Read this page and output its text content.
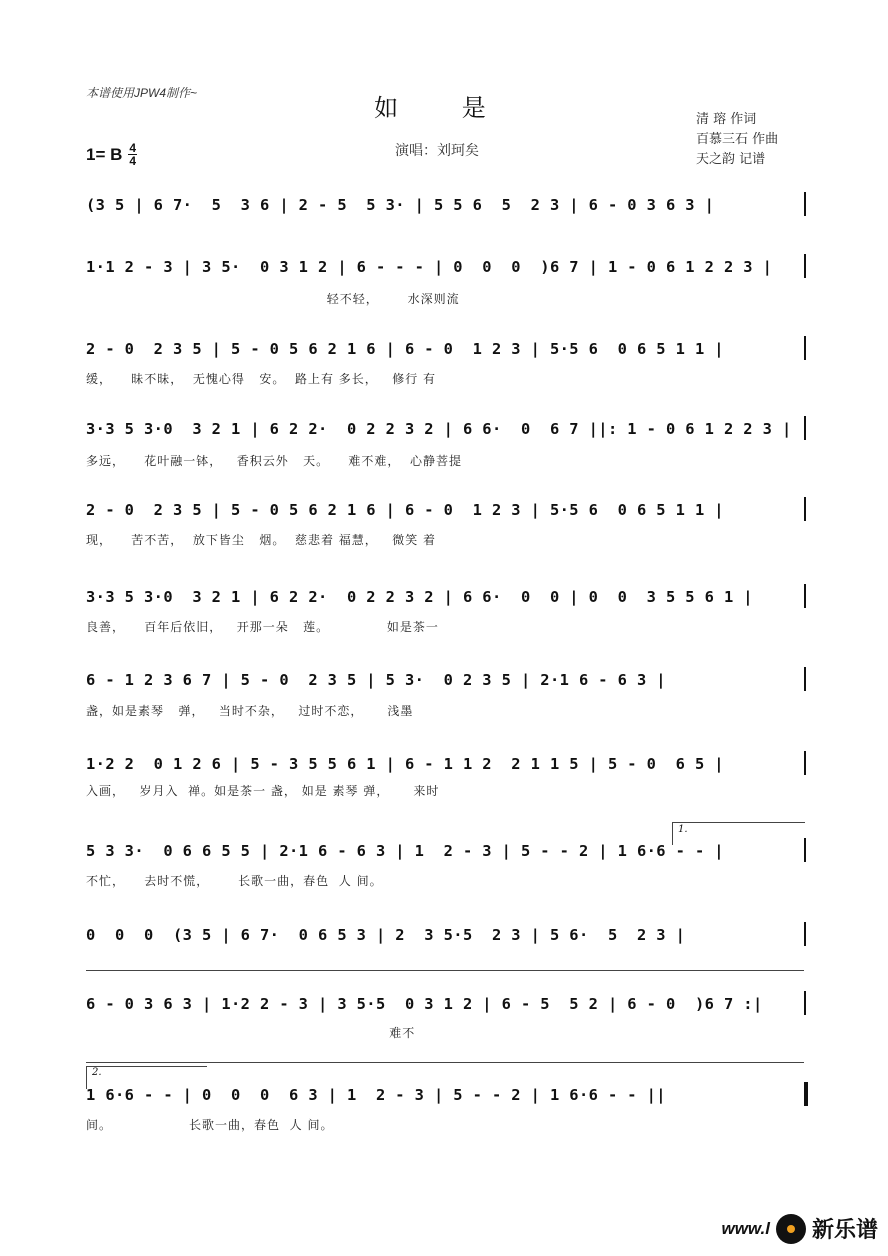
本谱使用JPW4制作~
如 是
1= B $\frac{4}{4}$	演唱：刘珂矣
清 瑢 作词
百慕三石 作曲
天之韵 记谱
(3 5 | 6 7·  5  3 6 | 2 - 5  5 3· | 5 5 6  5  2 3 | 6 - 0 3 6 3 |
1·1 2 - 3 | 3 5·  0 3 1 2 | 6 - - - | 0  0  0  )6 7 | 1 - 0 6 1 2 2 3 |
轻不轻，      水深则流
2 - 0  2 3 5 | 5 - 0 5 6 2 1 6 | 6 - 0  1 2 3 | 5·5 6  0 6 5 1 1 |
缓，    昧不昧，  无愧心得   安。  路上有 多长，   修行 有
3·3 5 3·0  3 2 1 | 6 2 2·  0 2 2 3 2 | 6 6·  0  6 7 ||: 1 - 0 6 1 2 2 3 |
多远，    花叶融一钵，   香积云外   天。    难不难，  心静菩提
2 - 0  2 3 5 | 5 - 0 5 6 2 1 6 | 6 - 0  1 2 3 | 5·5 6  0 6 5 1 1 |
现，    苦不苦，  放下皆尘   烟。  慈悲着 福慧，   微笑 着
3·3 5 3·0  3 2 1 | 6 2 2·  0 2 2 3 2 | 6 6·  0  0 | 0  0  3 5 5 6 1 |
良善，    百年后依旧，   开那一朵   莲。            如是茶一
6 - 1 2 3 6 7 | 5 - 0  2 3 5 | 5 3·  0 2 3 5 | 2·1 6 - 6 3 |
盏，如是素琴   弹，   当时不杂，   过时不恋，     浅墨
1·2 2  0 1 2 6 | 5 - 3 5 5 6 1 | 6 - 1 1 2  2 1 1 5 | 5 - 0  6 5 |
入画，   岁月入  禅。如是茶一 盏， 如是 素琴 弹，     来时
1.
5 3 3·  0 6 6 5 5 | 2·1 6 - 6 3 | 1  2 - 3 | 5 - - 2 | 1 6·6 - - |
不忙，    去时不慌，      长歌一曲，春色  人 间。
0  0  0  (3 5 | 6 7·  0 6 5 3 | 2  3 5·5  2 3 | 5 6·  5  2 3 |
6 - 0 3 6 3 | 1·2 2 - 3 | 3 5·5  0 3 1 2 | 6 - 5  5 2 | 6 - 0  )6 7 :|
难不
2.
1 6·6 - - | 0  0  0  6 3 | 1  2 - 3 | 5 - - 2 | 1 6·6 - - ||
间。                长歌一曲，春色  人 间。
www.l 新乐谱
